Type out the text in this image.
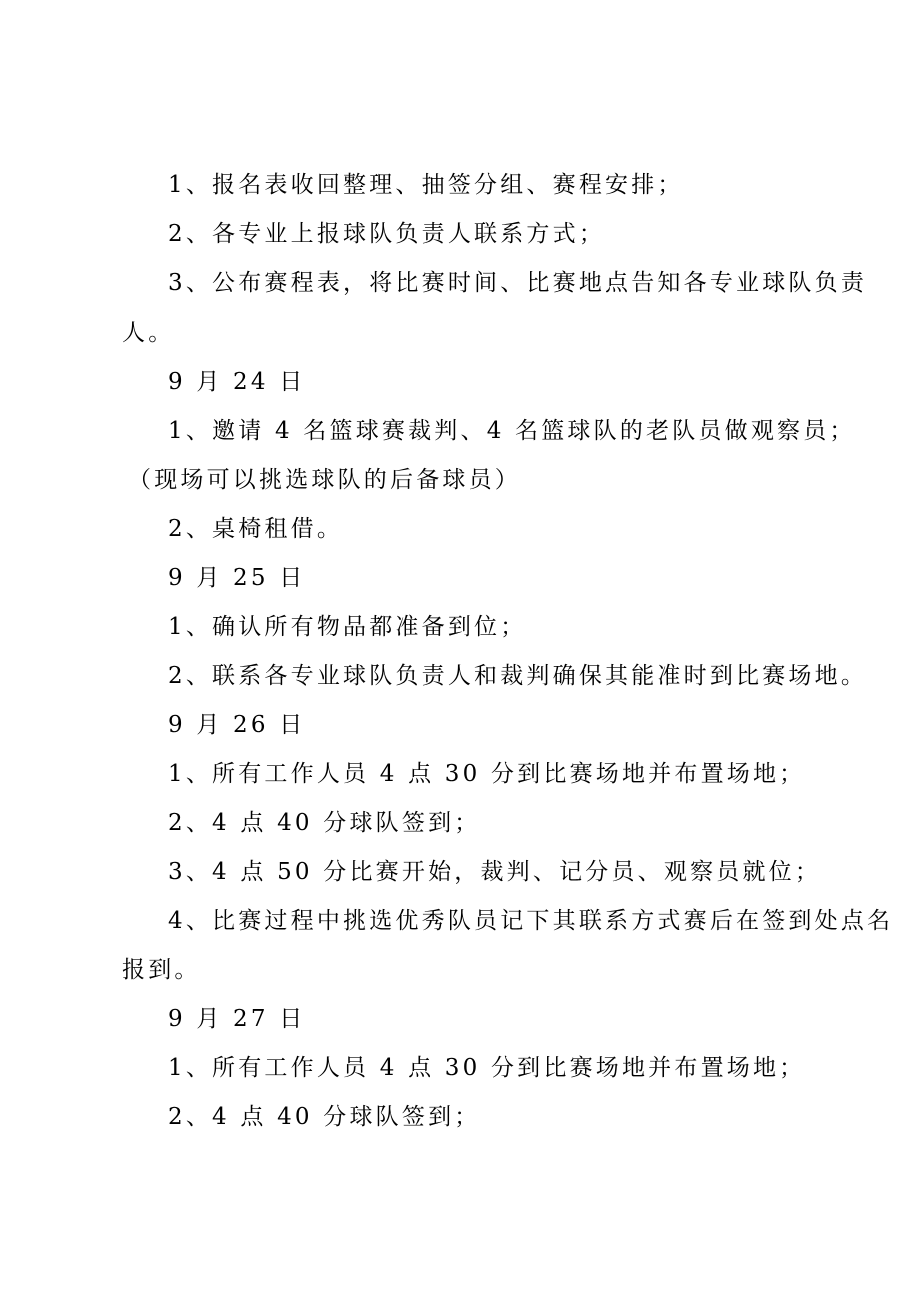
1、报名表收回整理、抽签分组、赛程安排；
2、各专业上报球队负责人联系方式；
3、公布赛程表，将比赛时间、比赛地点告知各专业球队负责
人。
9 月 24 日
1、邀请 4 名篮球赛裁判、4 名篮球队的老队员做观察员；
（现场可以挑选球队的后备球员）
2、桌椅租借。
9 月 25 日
1、确认所有物品都准备到位；
2、联系各专业球队负责人和裁判确保其能准时到比赛场地。
9 月 26 日
1、所有工作人员 4 点 30 分到比赛场地并布置场地；
2、4 点 40 分球队签到；
3、4 点 50 分比赛开始，裁判、记分员、观察员就位；
4、比赛过程中挑选优秀队员记下其联系方式赛后在签到处点名
报到。
9 月 27 日
1、所有工作人员 4 点 30 分到比赛场地并布置场地；
2、4 点 40 分球队签到；
